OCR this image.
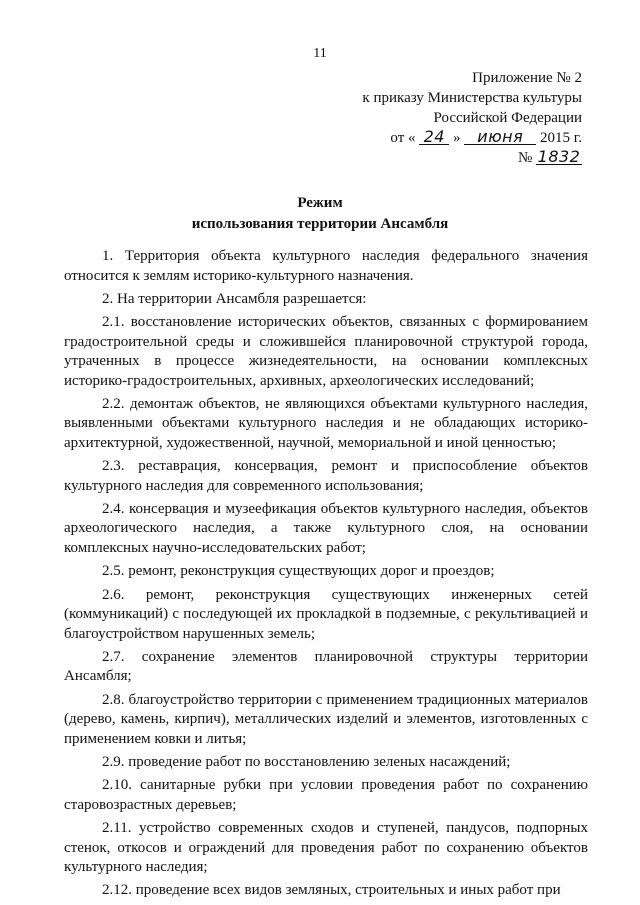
11
Приложение № 2
к приказу Министерства культуры
Российской Федерации
от « 24 » июня 2015 г.
№ 1832
Режим
использования территории Ансамбля

1. Территория объекта культурного наследия федерального значения относится к землям историко-культурного назначения.

2. На территории Ансамбля разрешается:

2.1. восстановление исторических объектов, связанных с формированием градостроительной среды и сложившейся планировочной структурой города, утраченных в процессе жизнедеятельности, на основании комплексных историко-градостроительных, архивных, археологических исследований;

2.2. демонтаж объектов, не являющихся объектами культурного наследия, выявленными объектами культурного наследия и не обладающих историко-архитектурной, художественной, научной, мемориальной и иной ценностью;

2.3. реставрация, консервация, ремонт и приспособление объектов культурного наследия для современного использования;

2.4. консервация и музеефикация объектов культурного наследия, объектов археологического наследия, а также культурного слоя, на основании комплексных научно-исследовательских работ;

2.5. ремонт, реконструкция существующих дорог и проездов;

2.6. ремонт, реконструкция существующих инженерных сетей (коммуникаций) с последующей их прокладкой в подземные, с рекультивацией и благоустройством нарушенных земель;

2.7. сохранение элементов планировочной структуры территории Ансамбля;

2.8. благоустройство территории с применением традиционных материалов (дерево, камень, кирпич), металлических изделий и элементов, изготовленных с применением ковки и литья;

2.9. проведение работ по восстановлению зеленых насаждений;

2.10. санитарные рубки при условии проведения работ по сохранению старовозрастных деревьев;

2.11. устройство современных сходов и ступеней, пандусов, подпорных стенок, откосов и ограждений для проведения работ по сохранению объектов культурного наследия;

2.12. проведение всех видов земляных, строительных и иных работ при
